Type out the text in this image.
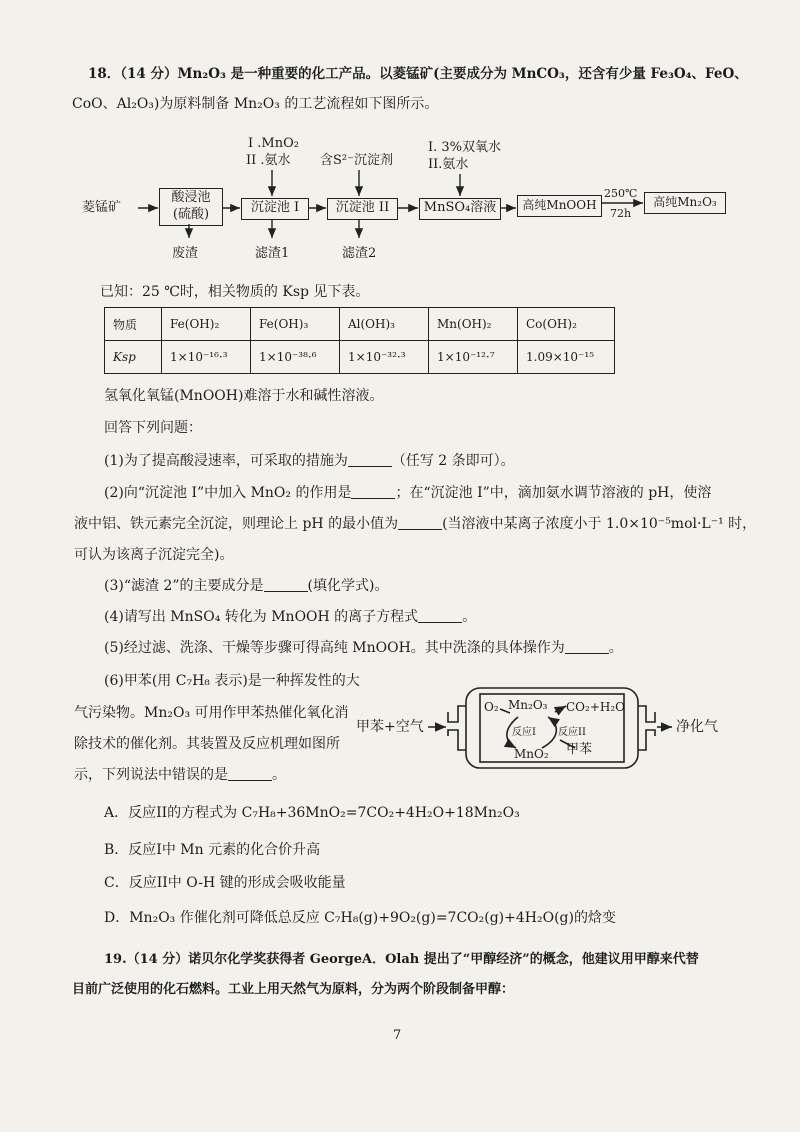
18．（14 分）Mn₂O₃ 是一种重要的化工产品。以菱锰矿(主要成分为 MnCO₃，还含有少量 Fe₃O₄、FeO、
CoO、Al₂O₃)为原料制备 Mn₂O₃ 的工艺流程如下图所示。
菱锰矿
酸浸池
(硫酸)	沉淀池 I	沉淀池 II	MnSO₄溶液	高纯MnOOH	高纯Mn₂O₃
I .MnO₂
II .氨水 含S²⁻沉淀剂
I. 3%双氧水
II.氨水
250℃
72h
废渣	滤渣1	滤渣2
已知：25 ℃时，相关物质的 Ksp 见下表。
物质	Fe(OH)₂	Fe(OH)₃	Al(OH)₃	Mn(OH)₂	Co(OH)₂
Ksp	1×10⁻¹⁶·³	1×10⁻³⁸·⁶	1×10⁻³²·³	1×10⁻¹²·⁷	1.09×10⁻¹⁵
氢氧化氧锰(MnOOH)难溶于水和碱性溶液。
回答下列问题：
(1)为了提高酸浸速率，可采取的措施为	（任写 2 条即可）。
(2)向“沉淀池 I”中加入 MnO₂ 的作用是	；在“沉淀池 I”中，滴加氨水调节溶液的 pH，使溶
液中铝、铁元素完全沉淀，则理论上 pH 的最小值为	(当溶液中某离子浓度小于 1.0×10⁻⁵mol·L⁻¹ 时，
可认为该离子沉淀完全)。
(3)“滤渣 2”的主要成分是	(填化学式)。
(4)请写出 MnSO₄ 转化为 MnOOH 的离子方程式	。
(5)经过滤、洗涤、干燥等步骤可得高纯 MnOOH。其中洗涤的具体操作为	。
(6)甲苯(用 C₇H₈ 表示)是一种挥发性的大
气污染物。Mn₂O₃ 可用作甲苯热催化氧化消
除技术的催化剂。其装置及反应机理如图所
示，下列说法中错误的是	。
甲苯+空气	净化气
O₂ Mn₂O₃ CO₂+H₂O
反应I 反应II
MnO₂ 甲苯
A．反应II的方程式为 C₇H₈+36MnO₂=7CO₂+4H₂O+18Mn₂O₃
B．反应I中 Mn 元素的化合价升高
C．反应II中 O-H 键的形成会吸收能量
D．Mn₂O₃ 作催化剂可降低总反应 C₇H₈(g)+9O₂(g)=7CO₂(g)+4H₂O(g)的焓变
19.（14 分）诺贝尔化学奖获得者 GeorgeA．Olah 提出了“甲醇经济”的概念，他建议用甲醇来代替
目前广泛使用的化石燃料。工业上用天然气为原料，分为两个阶段制备甲醇：
7
